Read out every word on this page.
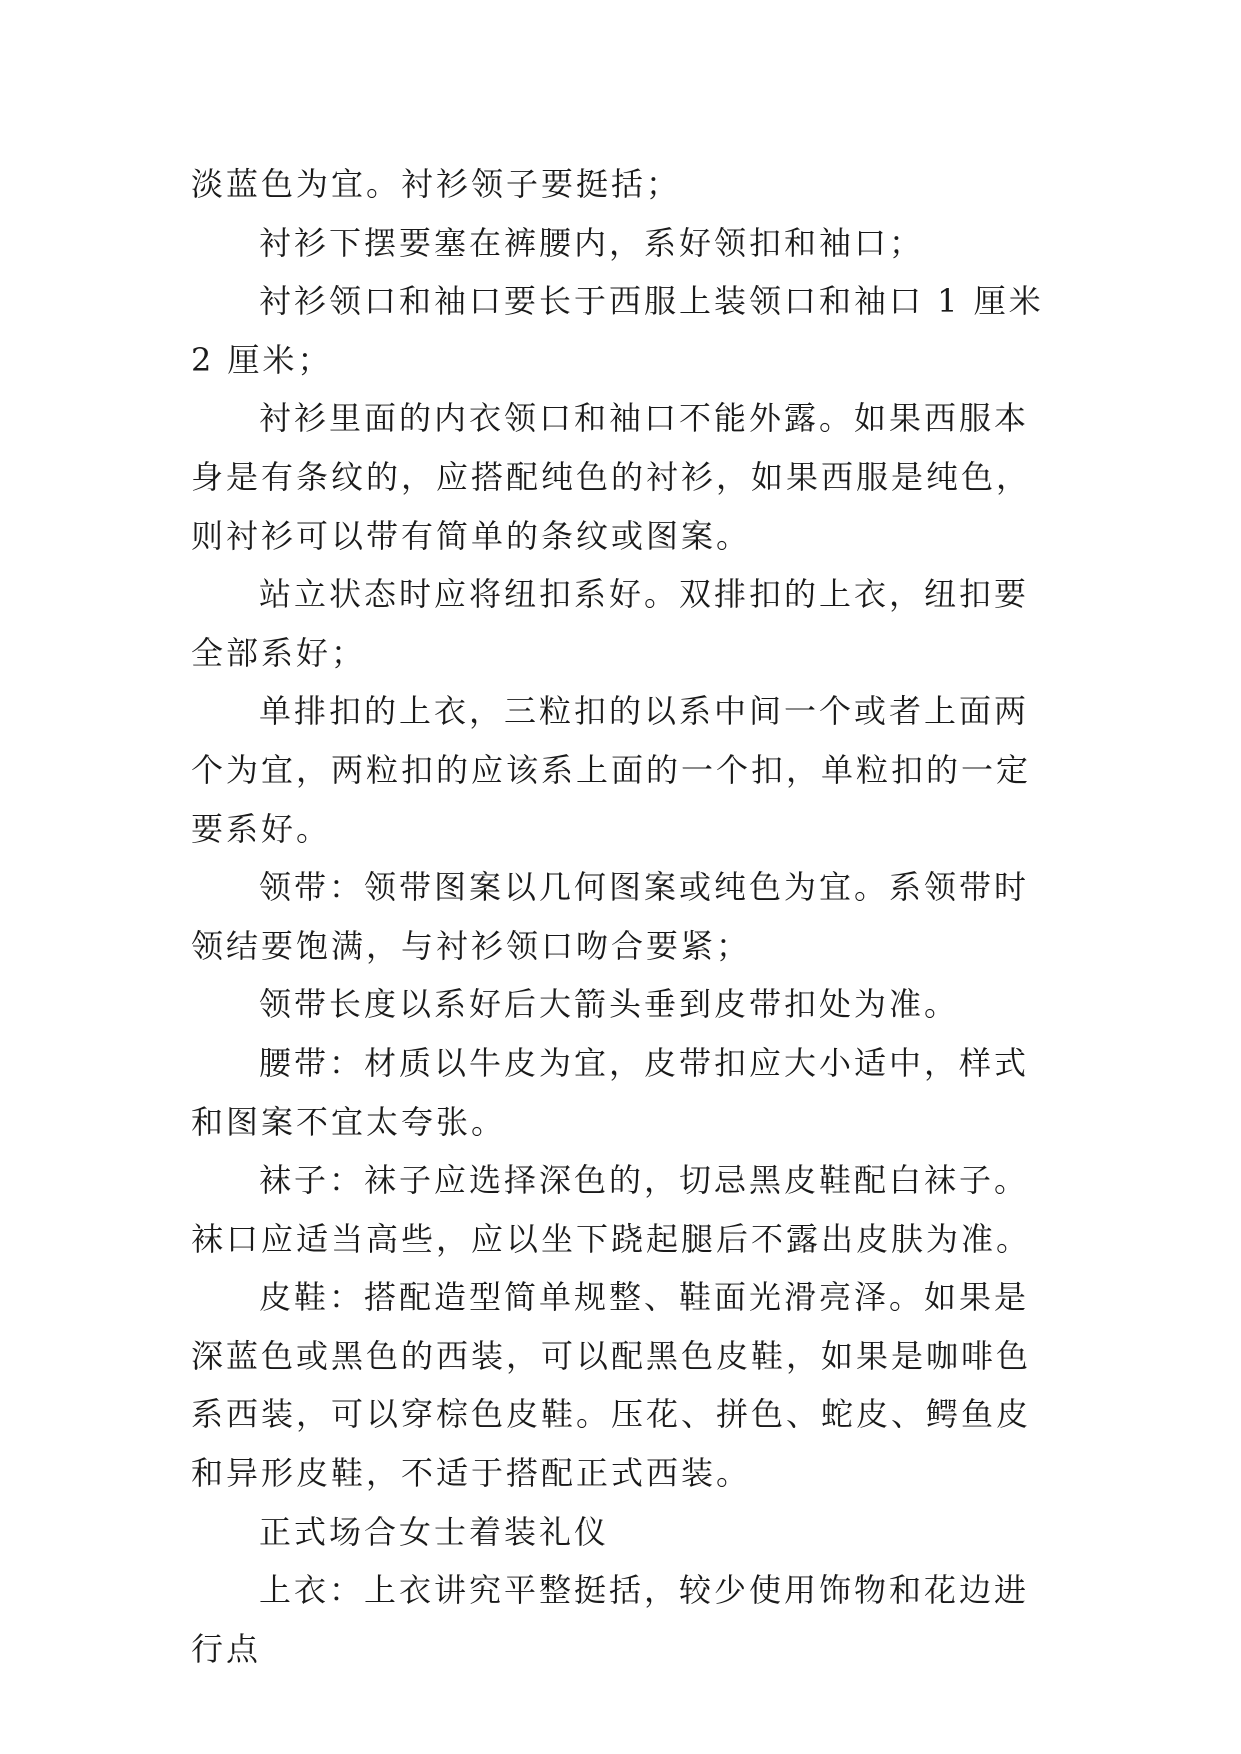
淡蓝色为宜。衬衫领子要挺括；

衬衫下摆要塞在裤腰内，系好领扣和袖口；

衬衫领口和袖口要长于西服上装领口和袖口 1 厘米 2 厘米；

衬衫里面的内衣领口和袖口不能外露。如果西服本身是有条纹的，应搭配纯色的衬衫，如果西服是纯色，则衬衫可以带有简单的条纹或图案。

站立状态时应将纽扣系好。双排扣的上衣，纽扣要全部系好；

单排扣的上衣，三粒扣的以系中间一个或者上面两个为宜，两粒扣的应该系上面的一个扣，单粒扣的一定要系好。

领带：领带图案以几何图案或纯色为宜。系领带时领结要饱满，与衬衫领口吻合要紧；

领带长度以系好后大箭头垂到皮带扣处为准。

腰带：材质以牛皮为宜，皮带扣应大小适中，样式和图案不宜太夸张。

袜子：袜子应选择深色的，切忌黑皮鞋配白袜子。袜口应适当高些，应以坐下跷起腿后不露出皮肤为准。

皮鞋：搭配造型简单规整、鞋面光滑亮泽。如果是深蓝色或黑色的西装，可以配黑色皮鞋，如果是咖啡色系西装，可以穿棕色皮鞋。压花、拼色、蛇皮、鳄鱼皮和异形皮鞋，不适于搭配正式西装。

正式场合女士着装礼仪

上衣：上衣讲究平整挺括，较少使用饰物和花边进行点
